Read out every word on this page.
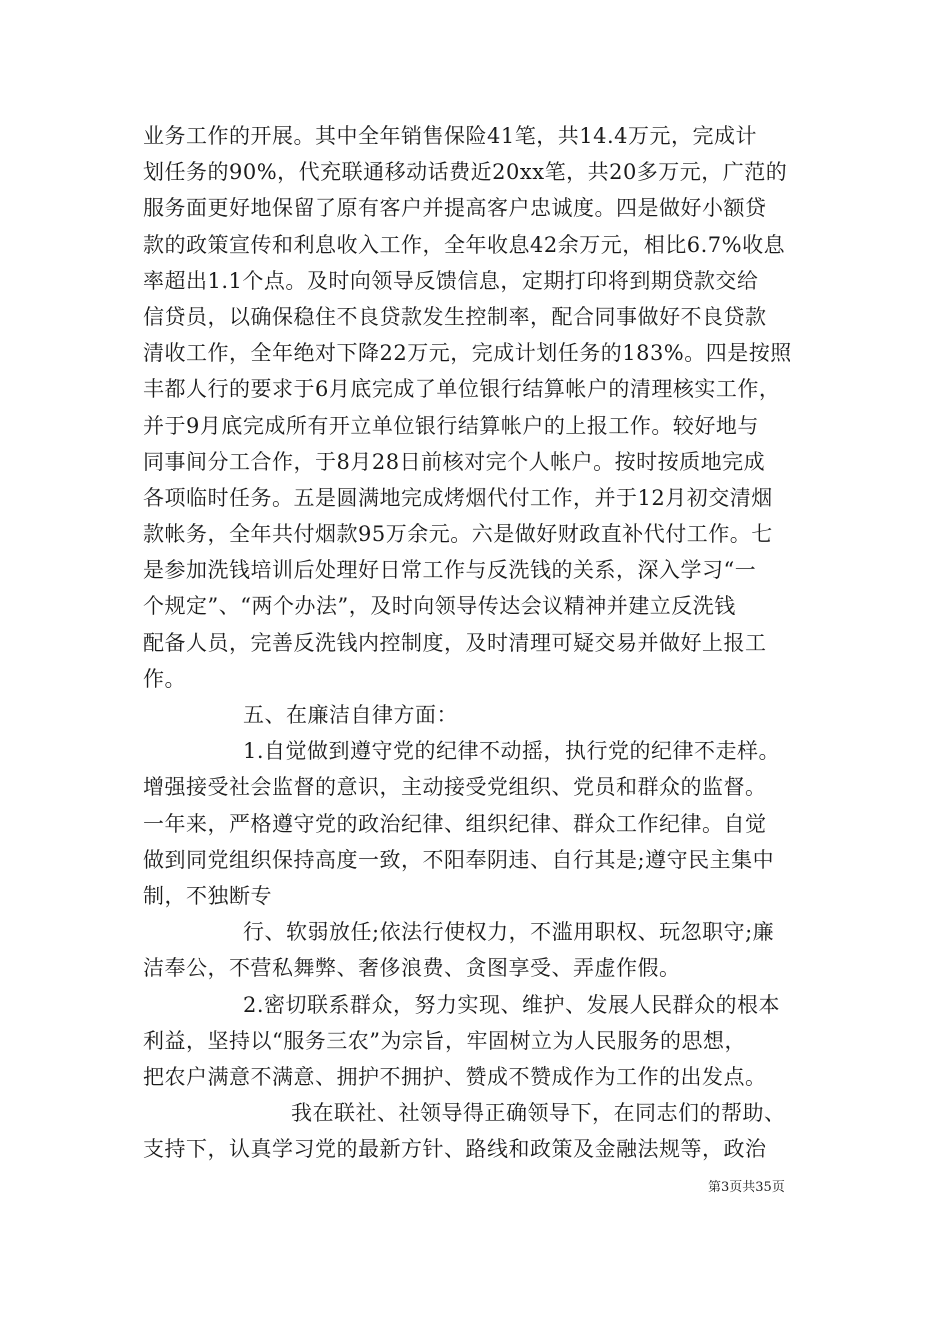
业务工作的开展。其中全年销售保险41笔，共14.4万元，完成计
划任务的90%，代充联通移动话费近20xx笔，共20多万元，广范的
服务面更好地保留了原有客户并提高客户忠诚度。四是做好小额贷
款的政策宣传和利息收入工作，全年收息42余万元，相比6.7%收息
率超出1.1个点。及时向领导反馈信息，定期打印将到期贷款交给
信贷员，以确保稳住不良贷款发生控制率，配合同事做好不良贷款
清收工作，全年绝对下降22万元，完成计划任务的183%。四是按照
丰都人行的要求于6月底完成了单位银行结算帐户的清理核实工作，
并于9月底完成所有开立单位银行结算帐户的上报工作。较好地与
同事间分工合作，于8月28日前核对完个人帐户。按时按质地完成
各项临时任务。五是圆满地完成烤烟代付工作，并于12月初交清烟
款帐务，全年共付烟款95万余元。六是做好财政直补代付工作。七
是参加洗钱培训后处理好日常工作与反洗钱的关系，深入学习“一
个规定”、“两个办法”，及时向领导传达会议精神并建立反洗钱
配备人员，完善反洗钱内控制度，及时清理可疑交易并做好上报工
作。
五、在廉洁自律方面：
1.自觉做到遵守党的纪律不动摇，执行党的纪律不走样。
增强接受社会监督的意识，主动接受党组织、党员和群众的监督。
一年来，严格遵守党的政治纪律、组织纪律、群众工作纪律。自觉
做到同党组织保持高度一致，不阳奉阴违、自行其是;遵守民主集中
制，不独断专
行、软弱放任;依法行使权力，不滥用职权、玩忽职守;廉
洁奉公，不营私舞弊、奢侈浪费、贪图享受、弄虚作假。
2.密切联系群众，努力实现、维护、发展人民群众的根本
利益，坚持以“服务三农”为宗旨，牢固树立为人民服务的思想，
把农户满意不满意、拥护不拥护、赞成不赞成作为工作的出发点。
我在联社、社领导得正确领导下，在同志们的帮助、
支持下，认真学习党的最新方针、路线和政策及金融法规等，政治
第3页共35页
